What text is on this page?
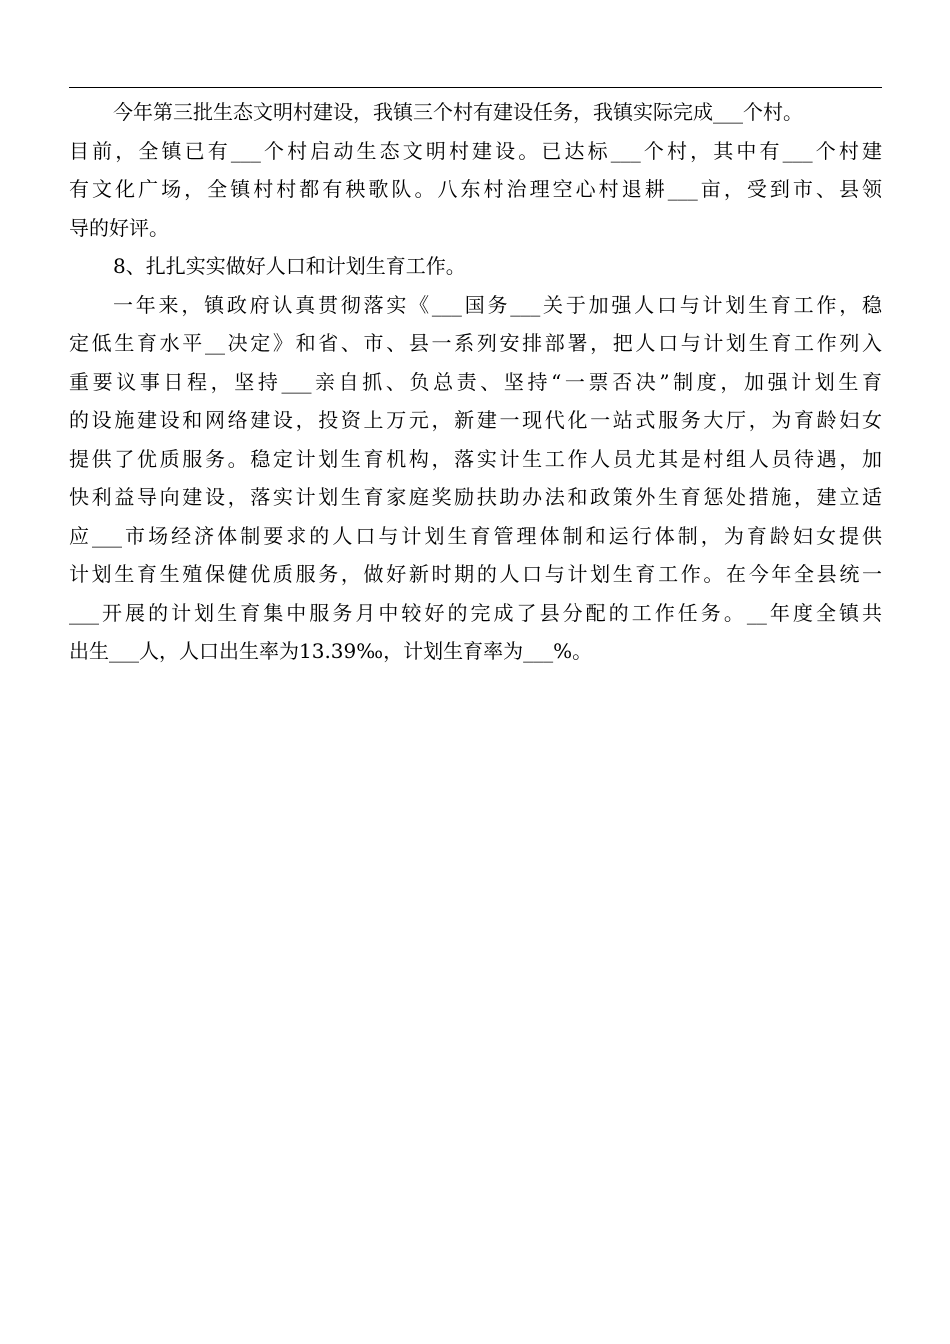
今年第三批生态文明村建设，我镇三个村有建设任务，我镇实际完成___个村。
目前，全镇已有___个村启动生态文明村建设。已达标___个村，其中有___个村建
有文化广场，全镇村村都有秧歌队。八东村治理空心村退耕___亩，受到市、县领
导的好评。
8、扎扎实实做好人口和计划生育工作。
一年来，镇政府认真贯彻落实《___国务___关于加强人口与计划生育工作，稳
定低生育水平__决定》和省、市、县一系列安排部署，把人口与计划生育工作列入
重要议事日程，坚持___亲自抓、负总责、坚持“一票否决”制度，加强计划生育
的设施建设和网络建设，投资上万元，新建一现代化一站式服务大厅，为育龄妇女
提供了优质服务。稳定计划生育机构，落实计生工作人员尤其是村组人员待遇，加
快利益导向建设，落实计划生育家庭奖励扶助办法和政策外生育惩处措施，建立适
应___市场经济体制要求的人口与计划生育管理体制和运行体制，为育龄妇女提供
计划生育生殖保健优质服务，做好新时期的人口与计划生育工作。在今年全县统一
___开展的计划生育集中服务月中较好的完成了县分配的工作任务。__年度全镇共
出生___人，人口出生率为13.39‰，计划生育率为___%。
